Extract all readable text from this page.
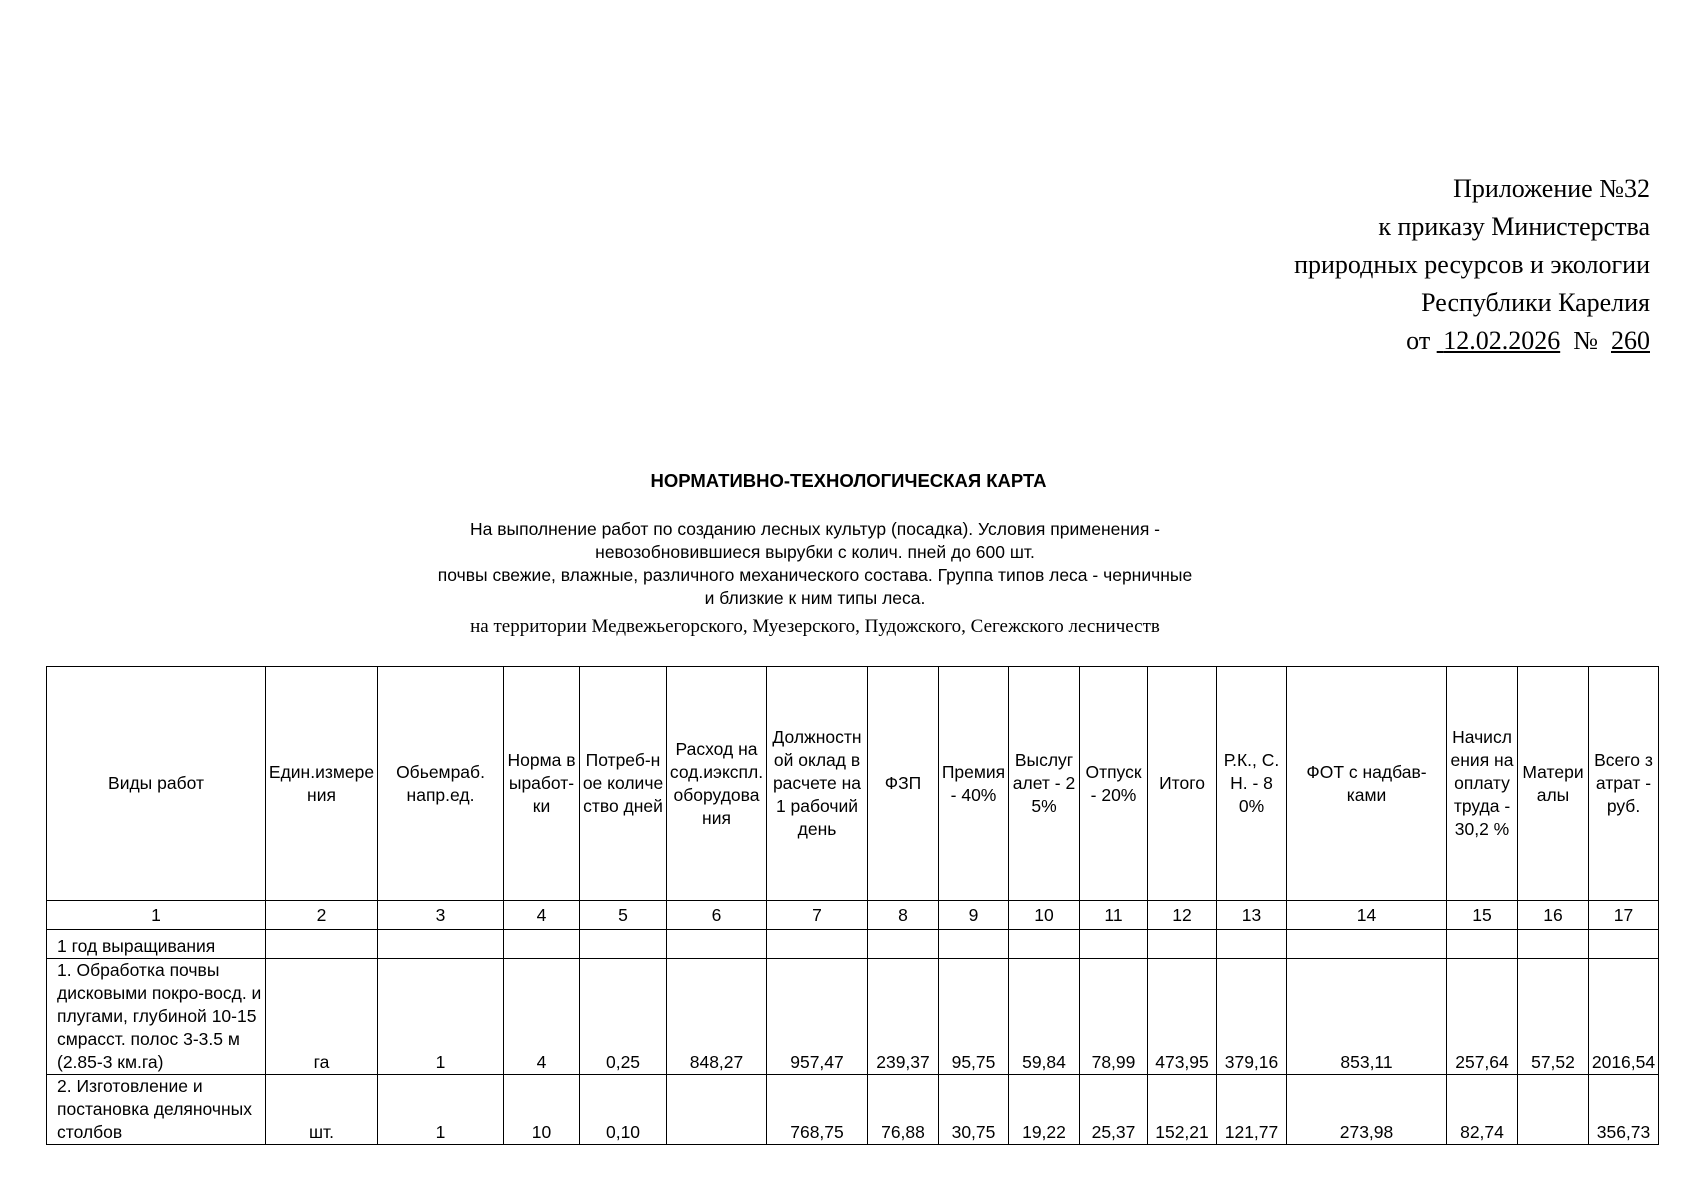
Приложение №32
к приказу Министерства
природных ресурсов и экологии
Республики Карелия
от 12.02.2026 № 260
НОРМАТИВНО-ТЕХНОЛОГИЧЕСКАЯ КАРТА
На выполнение работ по созданию лесных культур (посадка). Условия применения -
невозобновившиеся вырубки с колич. пней до 600 шт.
почвы свежие, влажные, различного механического состава. Группа типов леса - черничные
и близкие к ним типы леса.
на территории Медвежьегорского, Муезерского, Пудожского, Сегежского лесничеств
Виды работ	Един.измерения	Обьемраб. напр.ед.	Норма выработ-ки	Потреб-ное количество дней	Расход на сод.иэкспл. оборудования	Должностной оклад в расчете на 1 рабочий день	ФЗП	Премия - 40%	Выслугалет - 25%	Отпуск - 20%	Итого	Р.К., С.Н. - 80%	ФОТ с надбав-ками	Начисления на оплату труда - 30,2 %	Материалы	Всего затрат - руб.
1	2	3	4	5	6	7	8	9	10	11	12	13	14	15	16	17
1 год выращивания																
1. Обработка почвы дисковыми покро-восд. и плугами, глубиной 10-15 смрасст. полос 3-3.5 м (2.85-3 км.га)	га	1	4	0,25	848,27	957,47	239,37	95,75	59,84	78,99	473,95	379,16	853,11	257,64	57,52	2016,54
2. Изготовление и постановка деляночных столбов	шт.	1	10	0,10		768,75	76,88	30,75	19,22	25,37	152,21	121,77	273,98	82,74		356,73
